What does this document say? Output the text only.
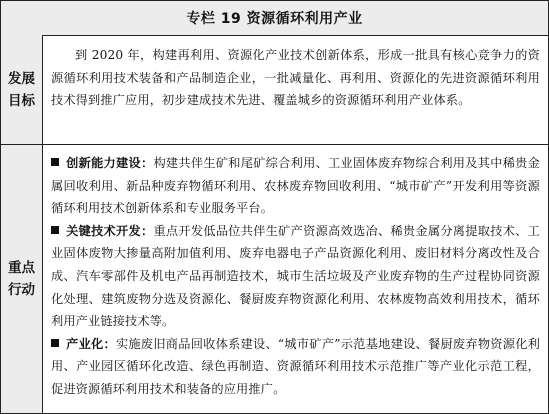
专栏 19 资源循环利用产业
发展目标

到 2020 年，构建再利用、资源化产业技术创新体系，形成一批具有核心竞争力的资源循环利用技术装备和产品制造企业，一批减量化、再利用、资源化的先进资源循环利用技术得到推广应用，初步建成技术先进、覆盖城乡的资源循环利用产业体系。

重点行动

创新能力建设：构建共伴生矿和尾矿综合利用、工业固体废弃物综合利用及其中稀贵金属回收利用、新品种废弃物循环利用、农林废弃物回收利用、“城市矿产”开发利用等资源循环利用技术创新体系和专业服务平台。

关键技术开发：重点开发低品位共伴生矿产资源高效选冶、稀贵金属分离提取技术、工业固体废物大掺量高附加值利用、废弃电器电子产品资源化利用、废旧材料分离改性及合成、汽车零部件及机电产品再制造技术，城市生活垃圾及产业废弃物的生产过程协同资源化处理、建筑废物分选及资源化、餐厨废弃物资源化利用、农林废物高效利用技术，循环利用产业链接技术等。

产业化：实施废旧商品回收体系建设、“城市矿产”示范基地建设、餐厨废弃物资源化利用、产业园区循环化改造、绿色再制造、资源循环利用技术示范推广等产业化示范工程，促进资源循环利用技术和装备的应用推广。
